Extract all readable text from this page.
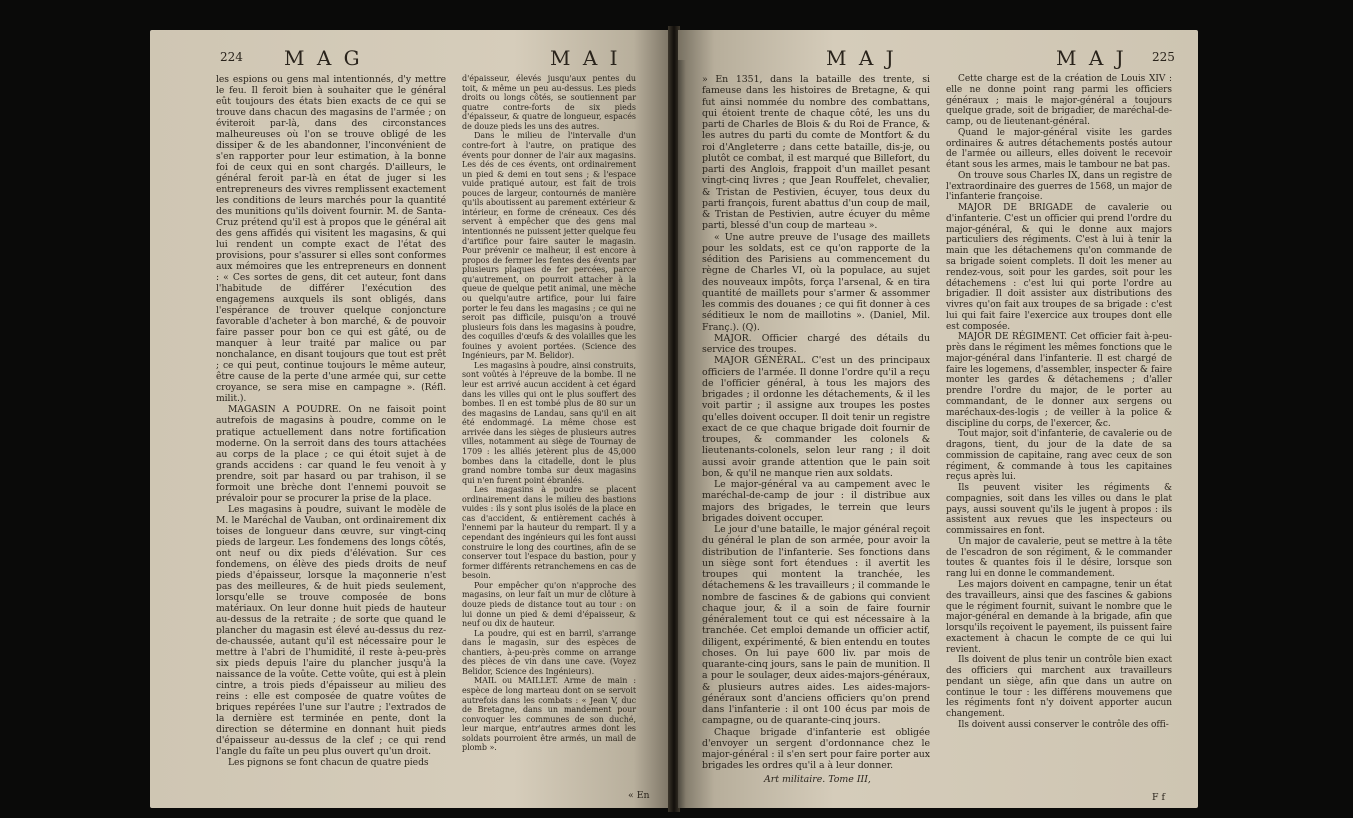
224 M A G	M A I

les espions ou gens mal intentionnés, d'y mettre le feu. Il feroit bien à souhaiter que le général eût toujours des états bien exacts de ce qui se trouve dans chacun des magasins de l'armée ; on éviteroit par-là, dans des circonstances malheureuses où l'on se trouve obligé de les dissiper & de les abandonner, l'inconvénient de s'en rapporter pour leur estimation, à la bonne foi de ceux qui en sont chargés. D'ailleurs, le général feroit par-là en état de juger si les entrepreneurs des vivres remplissent exactement les conditions de leurs marchés pour la quantité des munitions qu'ils doivent fournir. M. de Santa-Cruz prétend qu'il est à propos que le général ait des gens affidés qui visitent les magasins, & qui lui rendent un compte exact de l'état des provisions, pour s'assurer si elles sont conformes aux mémoires que les entrepreneurs en donnent : « Ces sortes de gens, dit cet auteur, font dans l'habitude de différer l'exécution des engagemens auxquels ils sont obligés, dans l'espérance de trouver quelque conjoncture favorable d'acheter à bon marché, & de pouvoir faire passer pour bon ce qui est gâté, ou de manquer à leur traité par malice ou par nonchalance, en disant toujours que tout est prêt ; ce qui peut, continue toujours le même auteur, être cause de la perte d'une armée qui, sur cette croyance, se sera mise en campagne ». (Réfl. milit.).

MAGASIN A POUDRE. On ne faisoit point autrefois de magasins à poudre, comme on le pratique actuellement dans notre fortification moderne. On la serroit dans des tours attachées au corps de la place ; ce qui étoit sujet à de grands accidens : car quand le feu venoit à y prendre, soit par hasard ou par trahison, il se formoit une brèche dont l'ennemi pouvoit se prévaloir pour se procurer la prise de la place.

Les magasins à poudre, suivant le modèle de M. le Maréchal de Vauban, ont ordinairement dix toises de longueur dans œuvre, sur vingt-cinq pieds de largeur. Les fondemens des longs côtés, ont neuf ou dix pieds d'élévation. Sur ces fondemens, on élève des pieds droits de neuf pieds d'épaisseur, lorsque la maçonnerie n'est pas des meilleures, & de huit pieds seulement, lorsqu'elle se trouve composée de bons matériaux. On leur donne huit pieds de hauteur au-dessus de la retraite ; de sorte que quand le plancher du magasin est élevé au-dessus du rez-de-chaussée, autant qu'il est nécessaire pour le mettre à l'abri de l'humidité, il reste à-peu-près six pieds depuis l'aire du plancher jusqu'à la naissance de la voûte. Cette voûte, qui est à plein cintre, a trois pieds d'épaisseur au milieu des reins : elle est composée de quatre voûtes de briques repérées l'une sur l'autre ; l'extrados de la dernière est terminée en pente, dont la direction se détermine en donnant huit pieds d'épaisseur au-dessus de la clef ; ce qui rend l'angle du faîte un peu plus ouvert qu'un droit.

Les pignons se font chacun de quatre pieds

d'épaisseur, élevés jusqu'aux pentes du toit, & même un peu au-dessus. Les pieds droits ou longs côtés, se soutiennent par quatre contre-forts de six pieds d'épaisseur, & quatre de longueur, espacés de douze pieds les uns des autres.

Dans le milieu de l'intervalle d'un contre-fort à l'autre, on pratique des évents pour donner de l'air aux magasins. Les dés de ces évents, ont ordinairement un pied & demi en tout sens ; & l'espace vuide pratiqué autour, est fait de trois pouces de largeur, contournés de manière qu'ils aboutissent au parement extérieur & intérieur, en forme de créneaux. Ces dés servent à empêcher que des gens mal intentionnés ne puissent jetter quelque feu d'artifice pour faire sauter le magasin. Pour prévenir ce malheur, il est encore à propos de fermer les fentes des évents par plusieurs plaques de fer percées, parce qu'autrement, on pourroit attacher à la queue de quelque petit animal, une mèche ou quelqu'autre artifice, pour lui faire porter le feu dans les magasins ; ce qui ne seroit pas difficile, puisqu'on a trouvé plusieurs fois dans les magasins à poudre, des coquilles d'œufs & des volailles que les fouines y avoient portées. (Science des Ingénieurs, par M. Belidor).

Les magasins à poudre, ainsi construits, sont voûtés à l'épreuve de la bombe. Il ne leur est arrivé aucun accident à cet égard dans les villes qui ont le plus souffert des bombes. Il en est tombé plus de 80 sur un des magasins de Landau, sans qu'il en ait été endommagé. La même chose est arrivée dans les sièges de plusieurs autres villes, notamment au siège de Tournay de 1709 : les alliés jetèrent plus de 45,000 bombes dans la citadelle, dont le plus grand nombre tomba sur deux magasins qui n'en furent point ébranlés.

Les magasins à poudre se placent ordinairement dans le milieu des bastions vuides : ils y sont plus isolés de la place en cas d'accident, & entièrement cachés à l'ennemi par la hauteur du rempart. Il y a cependant des ingénieurs qui les font aussi construire le long des courtines, afin de se conserver tout l'espace du bastion, pour y former différents retranchemens en cas de besoin.

Pour empêcher qu'on n'approche des magasins, on leur fait un mur de clôture à douze pieds de distance tout au tour : on lui donne un pied & demi d'épaisseur, & neuf ou dix de hauteur.

La poudre, qui est en barril, s'arrange dans le magasin, sur des espèces de chantiers, à-peu-près comme on arrange des pièces de vin dans une cave. (Voyez Belidor, Science des Ingénieurs).

MAIL ou MAILLET. Arme de main : espèce de long marteau dont on se servoit autrefois dans les combats : « Jean V, duc de Bretagne, dans un mandement pour convoquer les communes de son duché, leur marque, entr'autres armes dont les soldats pourroient être armés, un mail de plomb ».

« En
M A J	M A J 225

» En 1351, dans la bataille des trente, si fameuse dans les histoires de Bretagne, & qui fut ainsi nommée du nombre des combattans, qui étoient trente de chaque côté, les uns du parti de Charles de Blois & du Roi de France, & les autres du parti du comte de Montfort & du roi d'Angleterre ; dans cette bataille, dis-je, ou plutôt ce combat, il est marqué que Billefort, du parti des Anglois, frappoit d'un maillet pesant vingt-cinq livres ; que Jean Rouffelet, chevalier, & Tristan de Pestivien, écuyer, tous deux du parti françois, furent abattus d'un coup de mail, & Tristan de Pestivien, autre écuyer du même parti, blessé d'un coup de marteau ».

« Une autre preuve de l'usage des maillets pour les soldats, est ce qu'on rapporte de la sédition des Parisiens au commencement du règne de Charles VI, où la populace, au sujet des nouveaux impôts, força l'arsenal, & en tira quantité de maillets pour s'armer & assommer les commis des douanes ; ce qui fit donner à ces séditieux le nom de maillotins ». (Daniel, Mil. Franç.). (Q).

MAJOR. Officier chargé des détails du service des troupes.

MAJOR GÉNÉRAL. C'est un des principaux officiers de l'armée. Il donne l'ordre qu'il a reçu de l'officier général, à tous les majors des brigades ; il ordonne les détachements, & il les voit partir ; il assigne aux troupes les postes qu'elles doivent occuper. Il doit tenir un registre exact de ce que chaque brigade doit fournir de troupes, & commander les colonels & lieutenants-colonels, selon leur rang ; il doit aussi avoir grande attention que le pain soit bon, & qu'il ne manque rien aux soldats.

Le major-général va au campement avec le maréchal-de-camp de jour : il distribue aux majors des brigades, le terrein que leurs brigades doivent occuper.

Le jour d'une bataille, le major général reçoit du général le plan de son armée, pour avoir la distribution de l'infanterie. Ses fonctions dans un siège sont fort étendues : il avertit les troupes qui montent la tranchée, les détachemens & les travailleurs ; il commande le nombre de fascines & de gabions qui convient chaque jour, & il a soin de faire fournir généralement tout ce qui est nécessaire à la tranchée. Cet emploi demande un officier actif, diligent, expérimenté, & bien entendu en toutes choses. On lui paye 600 liv. par mois de quarante-cinq jours, sans le pain de munition. Il a pour le soulager, deux aides-majors-généraux, & plusieurs autres aides. Les aides-majors-généraux sont d'anciens officiers qu'on prend dans l'infanterie : il ont 100 écus par mois de campagne, ou de quarante-cinq jours.

Chaque brigade d'infanterie est obligée d'envoyer un sergent d'ordonnance chez le major-général : il s'en sert pour faire porter aux brigades les ordres qu'il a à leur donner.

Cette charge est de la création de Louis XIV : elle ne donne point rang parmi les officiers généraux ; mais le major-général a toujours quelque grade, soit de brigadier, de maréchal-de-camp, ou de lieutenant-général.

Quand le major-général visite les gardes ordinaires & autres détachements postés autour de l'armée ou ailleurs, elles doivent le recevoir étant sous les armes, mais le tambour ne bat pas.

On trouve sous Charles IX, dans un registre de l'extraordinaire des guerres de 1568, un major de l'infanterie françoise.

MAJOR DE BRIGADE de cavalerie ou d'infanterie. C'est un officier qui prend l'ordre du major-général, & qui le donne aux majors particuliers des régiments. C'est à lui à tenir la main que les détachemens qu'on commande de sa brigade soient complets. Il doit les mener au rendez-vous, soit pour les gardes, soit pour les détachemens : c'est lui qui porte l'ordre au brigadier. Il doit assister aux distributions des vivres qu'on fait aux troupes de sa brigade : c'est lui qui fait faire l'exercice aux troupes dont elle est composée.

MAJOR DE RÉGIMENT. Cet officier fait à-peu-près dans le régiment les mêmes fonctions que le major-général dans l'infanterie. Il est chargé de faire les logemens, d'assembler, inspecter & faire monter les gardes & détachemens ; d'aller prendre l'ordre du major, de le porter au commandant, de le donner aux sergens ou maréchaux-des-logis ; de veiller à la police & discipline du corps, de l'exercer, &c.

Tout major, soit d'infanterie, de cavalerie ou de dragons, tient, du jour de la date de sa commission de capitaine, rang avec ceux de son régiment, & commande à tous les capitaines reçus après lui.

Ils peuvent visiter les régiments & compagnies, soit dans les villes ou dans le plat pays, aussi souvent qu'ils le jugent à propos : ils assistent aux revues que les inspecteurs ou commissaires en font.

Un major de cavalerie, peut se mettre à la tête de l'escadron de son régiment, & le commander toutes & quantes fois il le désire, lorsque son rang lui en donne le commandement.

Les majors doivent en campagne, tenir un état des travailleurs, ainsi que des fascines & gabions que le régiment fournit, suivant le nombre que le major-général en demande à la brigade, afin que lorsqu'ils reçoivent le payement, ils puissent faire exactement à chacun le compte de ce qui lui revient.

Ils doivent de plus tenir un contrôle bien exact des officiers qui marchent aux travailleurs pendant un siège, afin que dans un autre on continue le tour : les différens mouvemens que les régiments font n'y doivent apporter aucun changement.

Ils doivent aussi conserver le contrôle des offi-

Art militaire. Tome III,
F f
